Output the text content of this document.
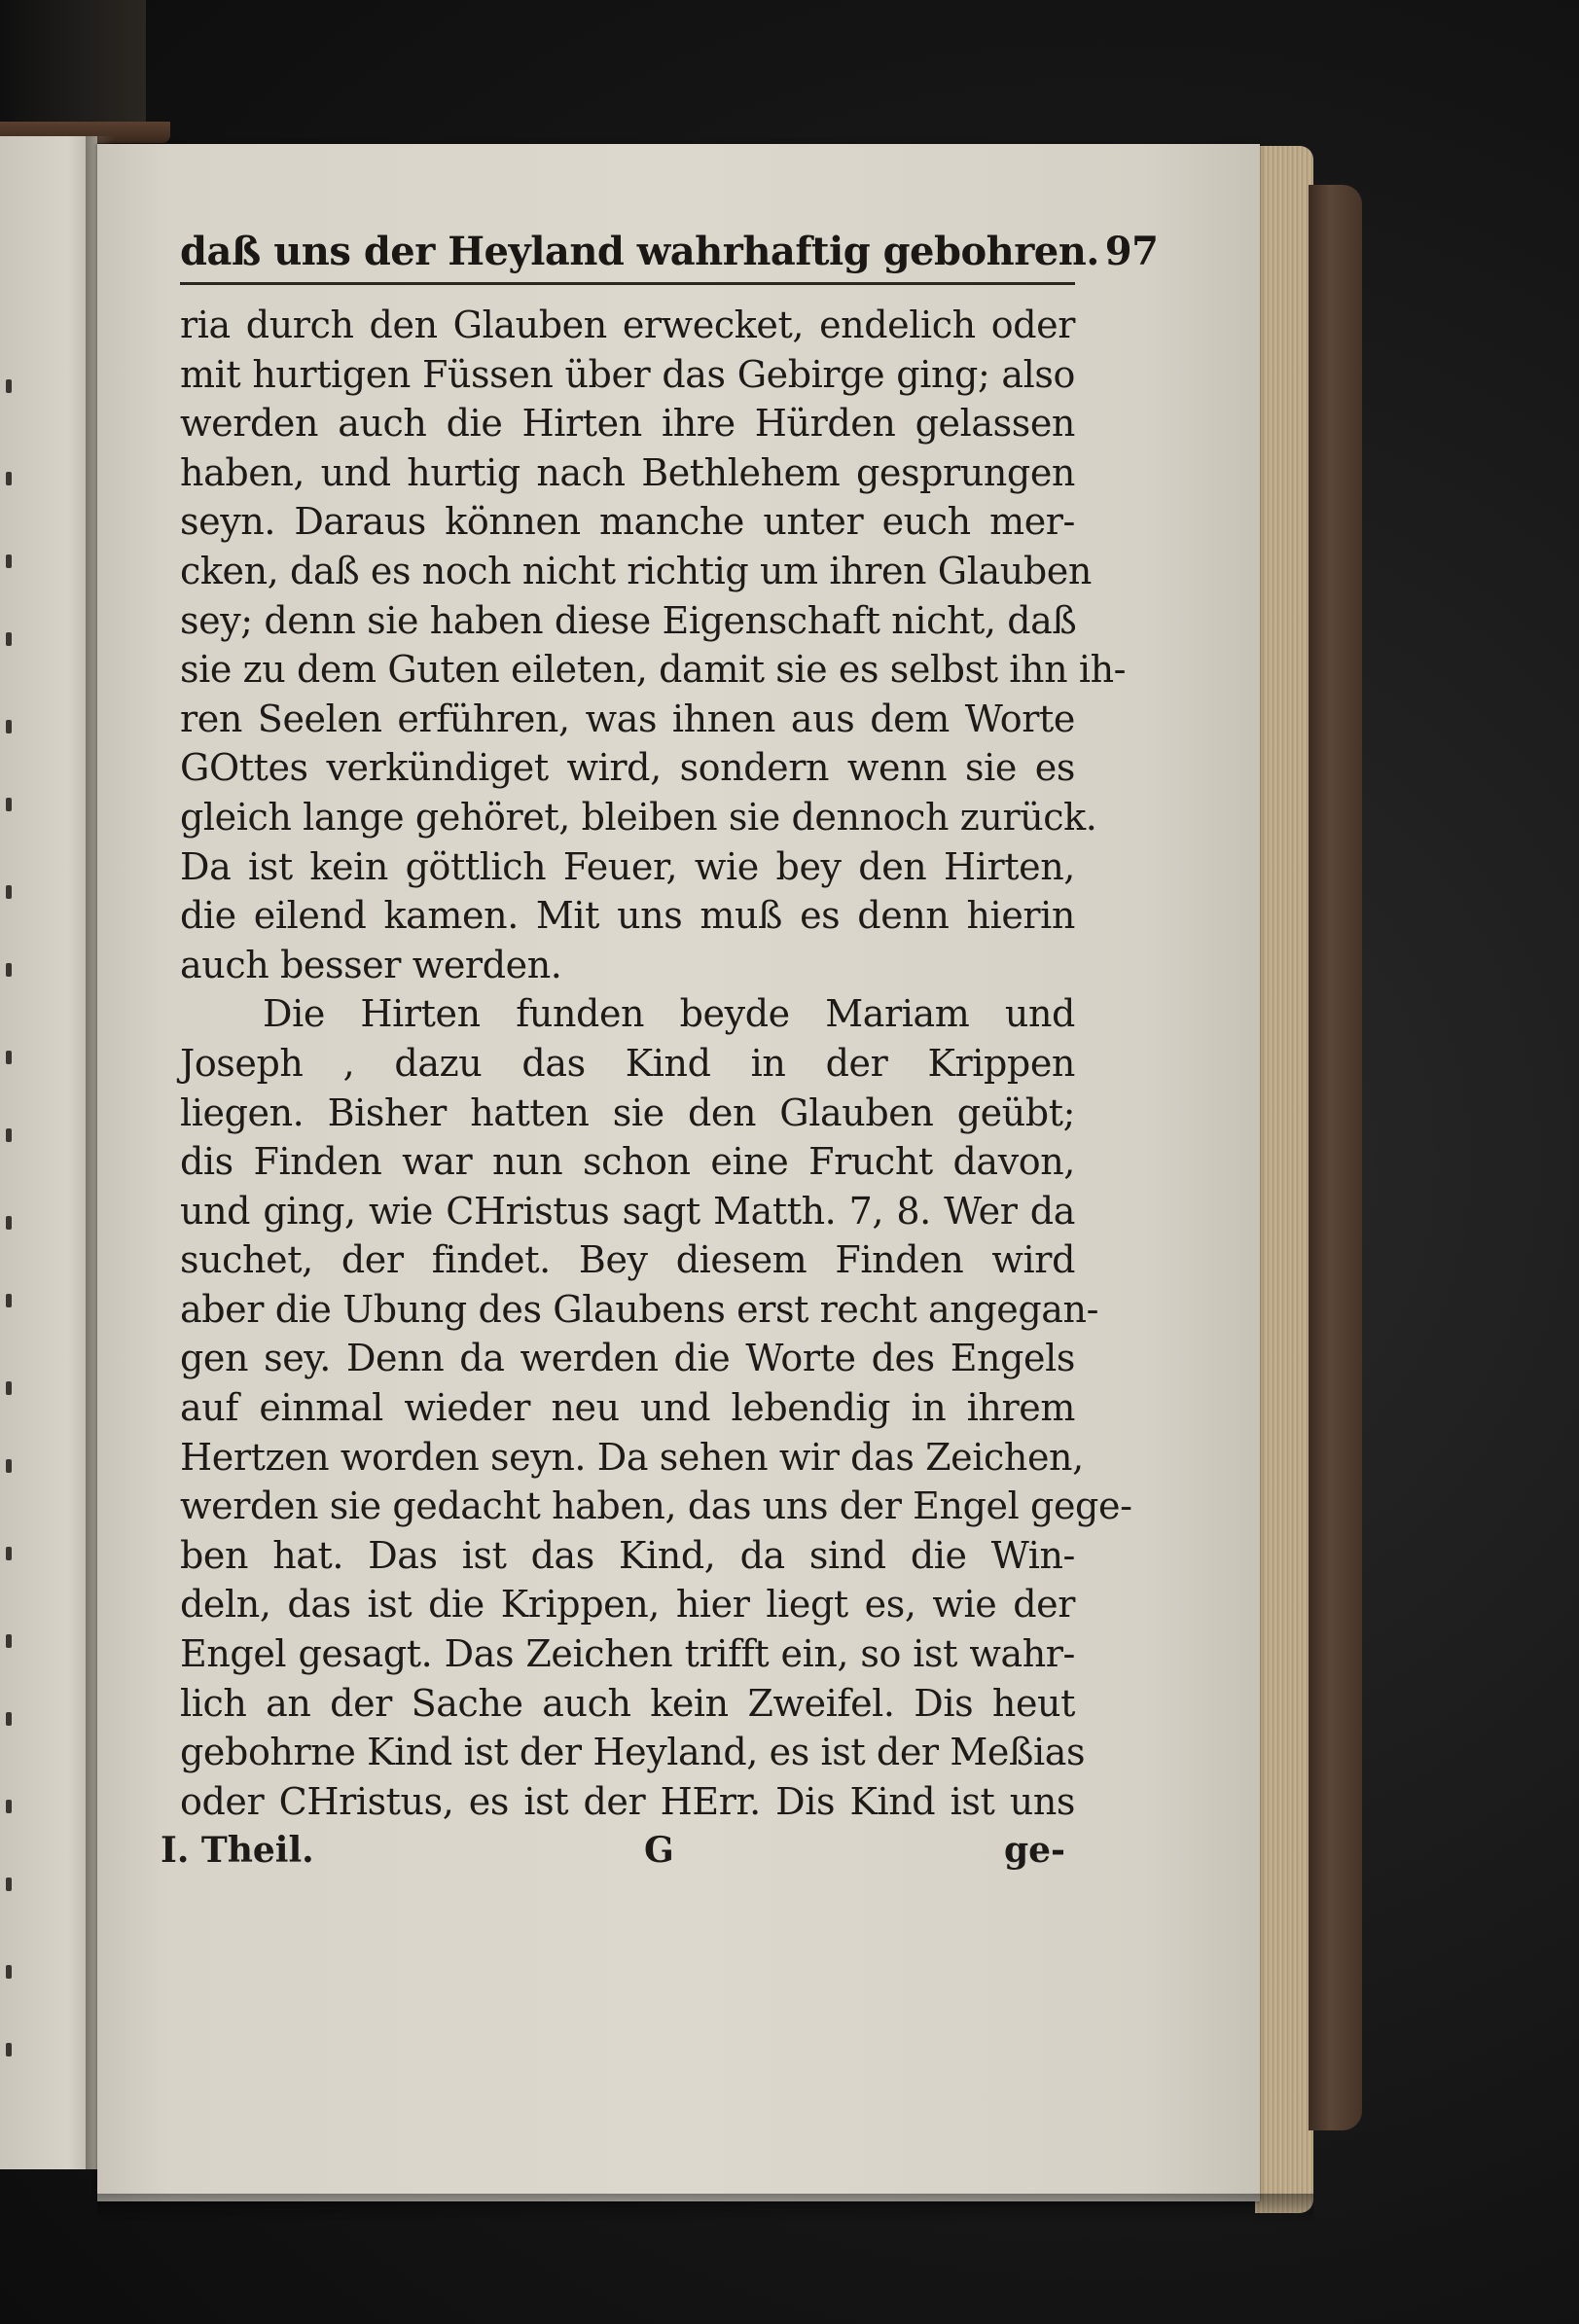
daß uns der Heyland wahrhaftig gebohren. 97
ria durch den Glauben erwecket, endelich oder
mit hurtigen Füssen über das Gebirge ging; also
werden auch die Hirten ihre Hürden gelassen
haben, und hurtig nach Bethlehem gesprungen
seyn. Daraus können manche unter euch mer-
cken, daß es noch nicht richtig um ihren Glauben
sey; denn sie haben diese Eigenschaft nicht, daß
sie zu dem Guten eileten, damit sie es selbst ihn ih-
ren Seelen erführen, was ihnen aus dem Worte
GOttes verkündiget wird, sondern wenn sie es
gleich lange gehöret, bleiben sie dennoch zurück.
Da ist kein göttlich Feuer, wie bey den Hirten,
die eilend kamen. Mit uns muß es denn hierin
auch besser werden.
Die Hirten funden beyde Mariam und
Joseph , dazu das Kind in der Krippen
liegen. Bisher hatten sie den Glauben geübt;
dis Finden war nun schon eine Frucht davon,
und ging, wie CHristus sagt Matth. 7, 8. Wer da
suchet, der findet. Bey diesem Finden wird
aber die Ubung des Glaubens erst recht angegan-
gen sey. Denn da werden die Worte des Engels
auf einmal wieder neu und lebendig in ihrem
Hertzen worden seyn. Da sehen wir das Zeichen,
werden sie gedacht haben, das uns der Engel gege-
ben hat. Das ist das Kind, da sind die Win-
deln, das ist die Krippen, hier liegt es, wie der
Engel gesagt. Das Zeichen trifft ein, so ist wahr-
lich an der Sache auch kein Zweifel. Dis heut
gebohrne Kind ist der Heyland, es ist der Meßias
oder CHristus, es ist der HErr. Dis Kind ist uns
I. Theil.	G	ge-
